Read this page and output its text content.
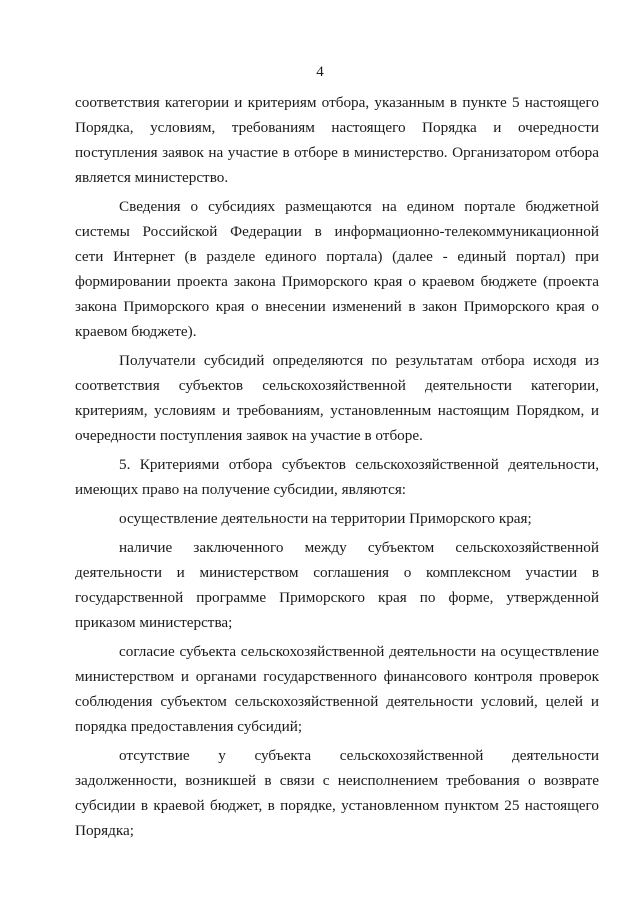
4
соответствия категории и критериям отбора, указанным в пункте 5 настоящего
Порядка, условиям, требованиям настоящего Порядка и очередности
поступления заявок на участие в отборе в министерство. Организатором отбора
является министерство.
Сведения о субсидиях размещаются на едином портале бюджетной
системы Российской Федерации в информационно-телекоммуникационной
сети Интернет (в разделе единого портала) (далее - единый портал) при
формировании проекта закона Приморского края о краевом бюджете (проекта
закона Приморского края о внесении изменений в закон Приморского края о
краевом бюджете).
Получатели субсидий определяются по результатам отбора исходя из
соответствия субъектов сельскохозяйственной деятельности категории,
критериям, условиям и требованиям, установленным настоящим Порядком, и
очередности поступления заявок на участие в отборе.
5. Критериями отбора субъектов сельскохозяйственной деятельности,
имеющих право на получение субсидии, являются:
осуществление деятельности на территории Приморского края;
наличие заключенного между субъектом сельскохозяйственной
деятельности и министерством соглашения о комплексном участии в
государственной программе Приморского края по форме, утвержденной
приказом министерства;
согласие субъекта сельскохозяйственной деятельности на осуществление
министерством и органами государственного финансового контроля проверок
соблюдения субъектом сельскохозяйственной деятельности условий, целей и
порядка предоставления субсидий;
отсутствие у субъекта сельскохозяйственной деятельности
задолженности, возникшей в связи с неисполнением требования о возврате
субсидии в краевой бюджет, в порядке, установленном пунктом 25 настоящего
Порядка;
